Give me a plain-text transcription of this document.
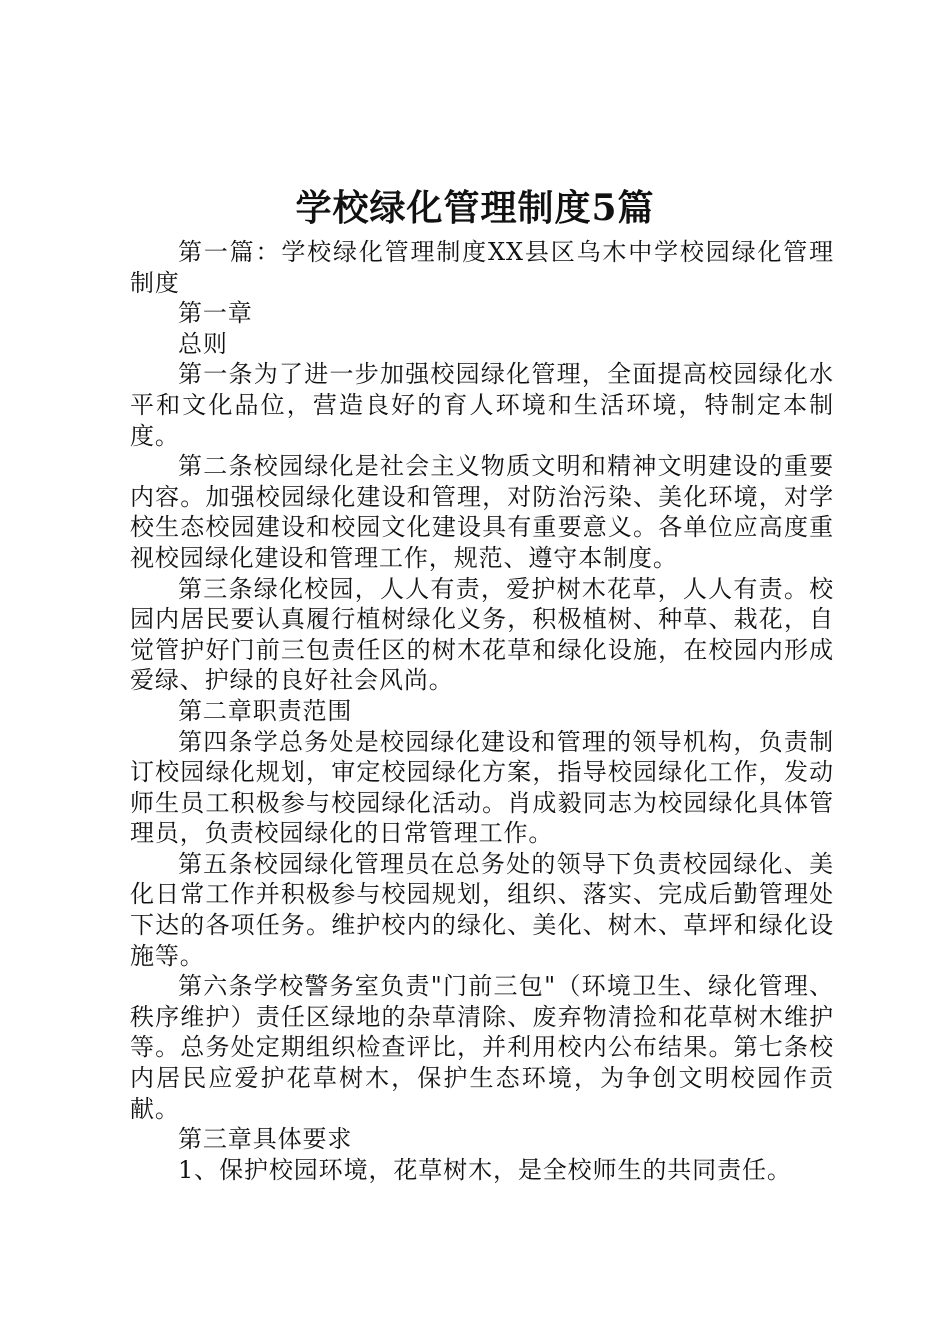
学校绿化管理制度5篇

第一篇：学校绿化管理制度XX县区乌木中学校园绿化管理制度

第一章

总则

第一条为了进一步加强校园绿化管理，全面提高校园绿化水平和文化品位，营造良好的育人环境和生活环境，特制定本制度。

第二条校园绿化是社会主义物质文明和精神文明建设的重要内容。加强校园绿化建设和管理，对防治污染、美化环境，对学校生态校园建设和校园文化建设具有重要意义。各单位应高度重视校园绿化建设和管理工作，规范、遵守本制度。

第三条绿化校园，人人有责，爱护树木花草，人人有责。校园内居民要认真履行植树绿化义务，积极植树、种草、栽花，自觉管护好门前三包责任区的树木花草和绿化设施，在校园内形成爱绿、护绿的良好社会风尚。

第二章职责范围

第四条学总务处是校园绿化建设和管理的领导机构，负责制订校园绿化规划，审定校园绿化方案，指导校园绿化工作，发动师生员工积极参与校园绿化活动。肖成毅同志为校园绿化具体管理员，负责校园绿化的日常管理工作。

第五条校园绿化管理员在总务处的领导下负责校园绿化、美化日常工作并积极参与校园规划，组织、落实、完成后勤管理处下达的各项任务。维护校内的绿化、美化、树木、草坪和绿化设施等。

第六条学校警务室负责"门前三包"（环境卫生、绿化管理、秩序维护）责任区绿地的杂草清除、废弃物清捡和花草树木维护等。总务处定期组织检查评比，并利用校内公布结果。第七条校内居民应爱护花草树木，保护生态环境，为争创文明校园作贡献。

第三章具体要求

1、保护校园环境，花草树木，是全校师生的共同责任。
